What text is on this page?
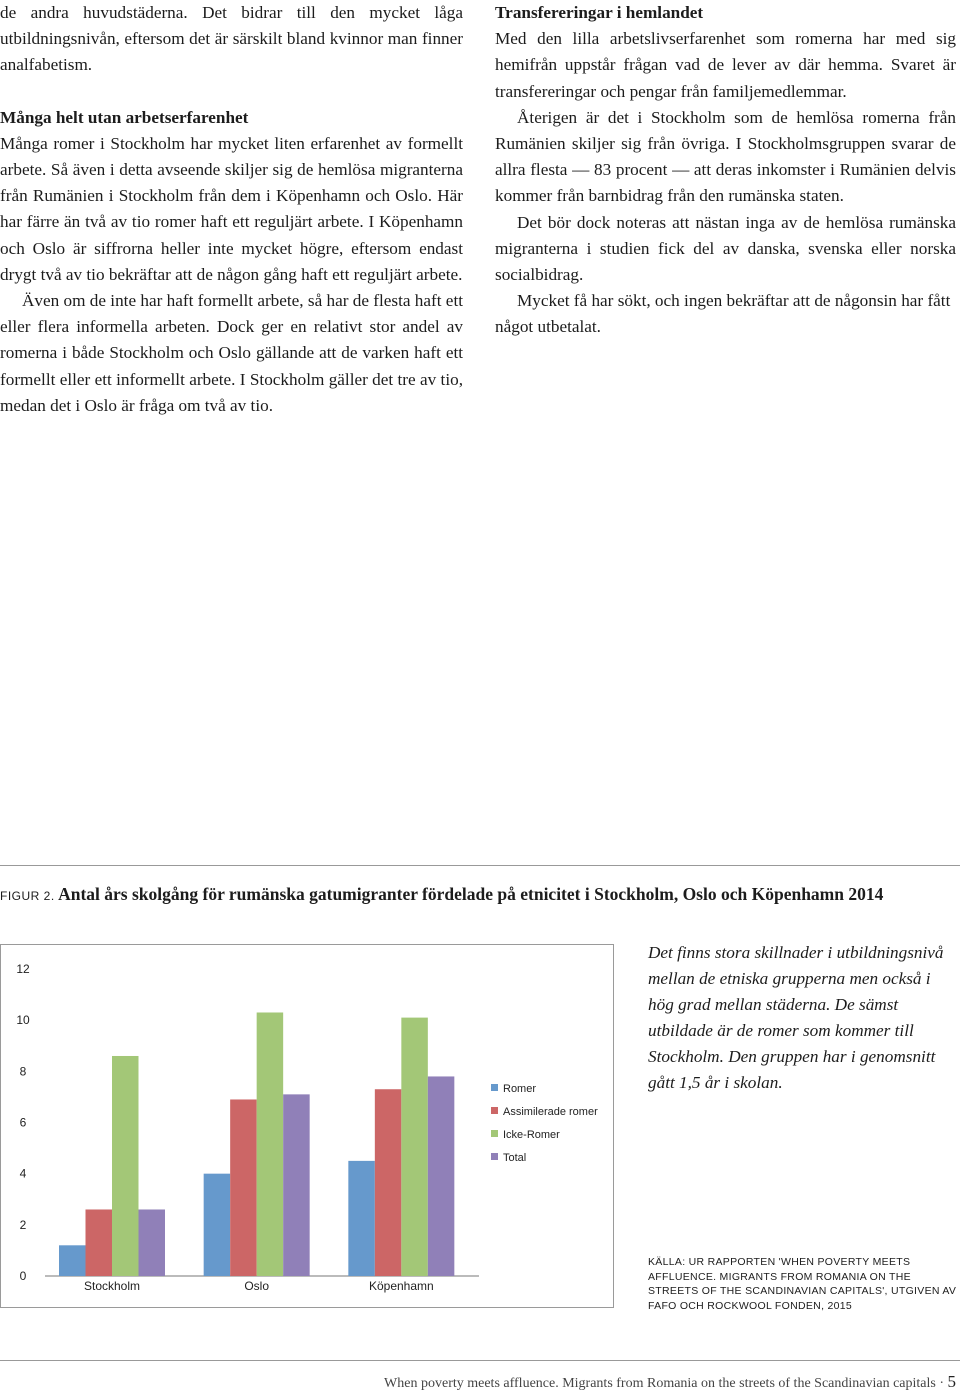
de andra huvudstäderna. Det bidrar till den mycket låga utbildningsnivån, eftersom det är särskilt bland kvinnor man finner analfabetism.

Många helt utan arbetserfarenhet

Många romer i Stockholm har mycket liten erfarenhet av formellt arbete. Så även i detta avseende skiljer sig de hemlösa migranterna från Rumänien i Stockholm från dem i Köpenhamn och Oslo. Här har färre än två av tio romer haft ett reguljärt arbete. I Köpenhamn och Oslo är siffrorna heller inte mycket högre, eftersom endast drygt två av tio bekräftar att de någon gång haft ett reguljärt arbete.

Även om de inte har haft formellt arbete, så har de flesta haft ett eller flera informella arbeten. Dock ger en relativt stor andel av romerna i både Stockholm och Oslo gällande att de varken haft ett formellt eller ett informellt arbete. I Stockholm gäller det tre av tio, medan det i Oslo är fråga om två av tio.

Transfereringar i hemlandet

Med den lilla arbetslivserfarenhet som romerna har med sig hemifrån uppstår frågan vad de lever av där hemma. Svaret är transfereringar och pengar från familjemedlemmar.

Återigen är det i Stockholm som de hemlösa romerna från Rumänien skiljer sig från övriga. I Stockholmsgruppen svarar de allra flesta — 83 procent — att deras inkomster i Rumänien delvis kommer från barnbidrag från den rumänska staten.

Det bör dock noteras att nästan inga av de hemlösa rumänska migranterna i studien fick del av danska, svenska eller norska socialbidrag.

Mycket få har sökt, och ingen bekräftar att de någonsin har fått något utbetalat.

FIGUR 2. Antal års skolgång för rumänska gatumigranter fördelade på etnicitet i Stockholm, Oslo och Köpenhamn 2014
0
2
4
6
8
10
12
Stockholm	Oslo	Köpenhamn
Romer
Assimilerade romer
Icke-Romer
Total

Det finns stora skillnader i utbildningsnivå mellan de etniska grupperna men också i hög grad mellan städerna. De sämst utbildade är de romer som kommer till Stockholm. Den gruppen har i genomsnitt gått 1,5 år i skolan.

KÄLLA: UR RAPPORTEN 'WHEN POVERTY MEETS AFFLUENCE. MIGRANTS FROM ROMANIA ON THE STREETS OF THE SCANDINAVIAN CAPITALS', UTGIVEN AV FAFO OCH ROCKWOOL FONDEN, 2015
When poverty meets affluence. Migrants from Romania on the streets of the Scandinavian capitals · 5
